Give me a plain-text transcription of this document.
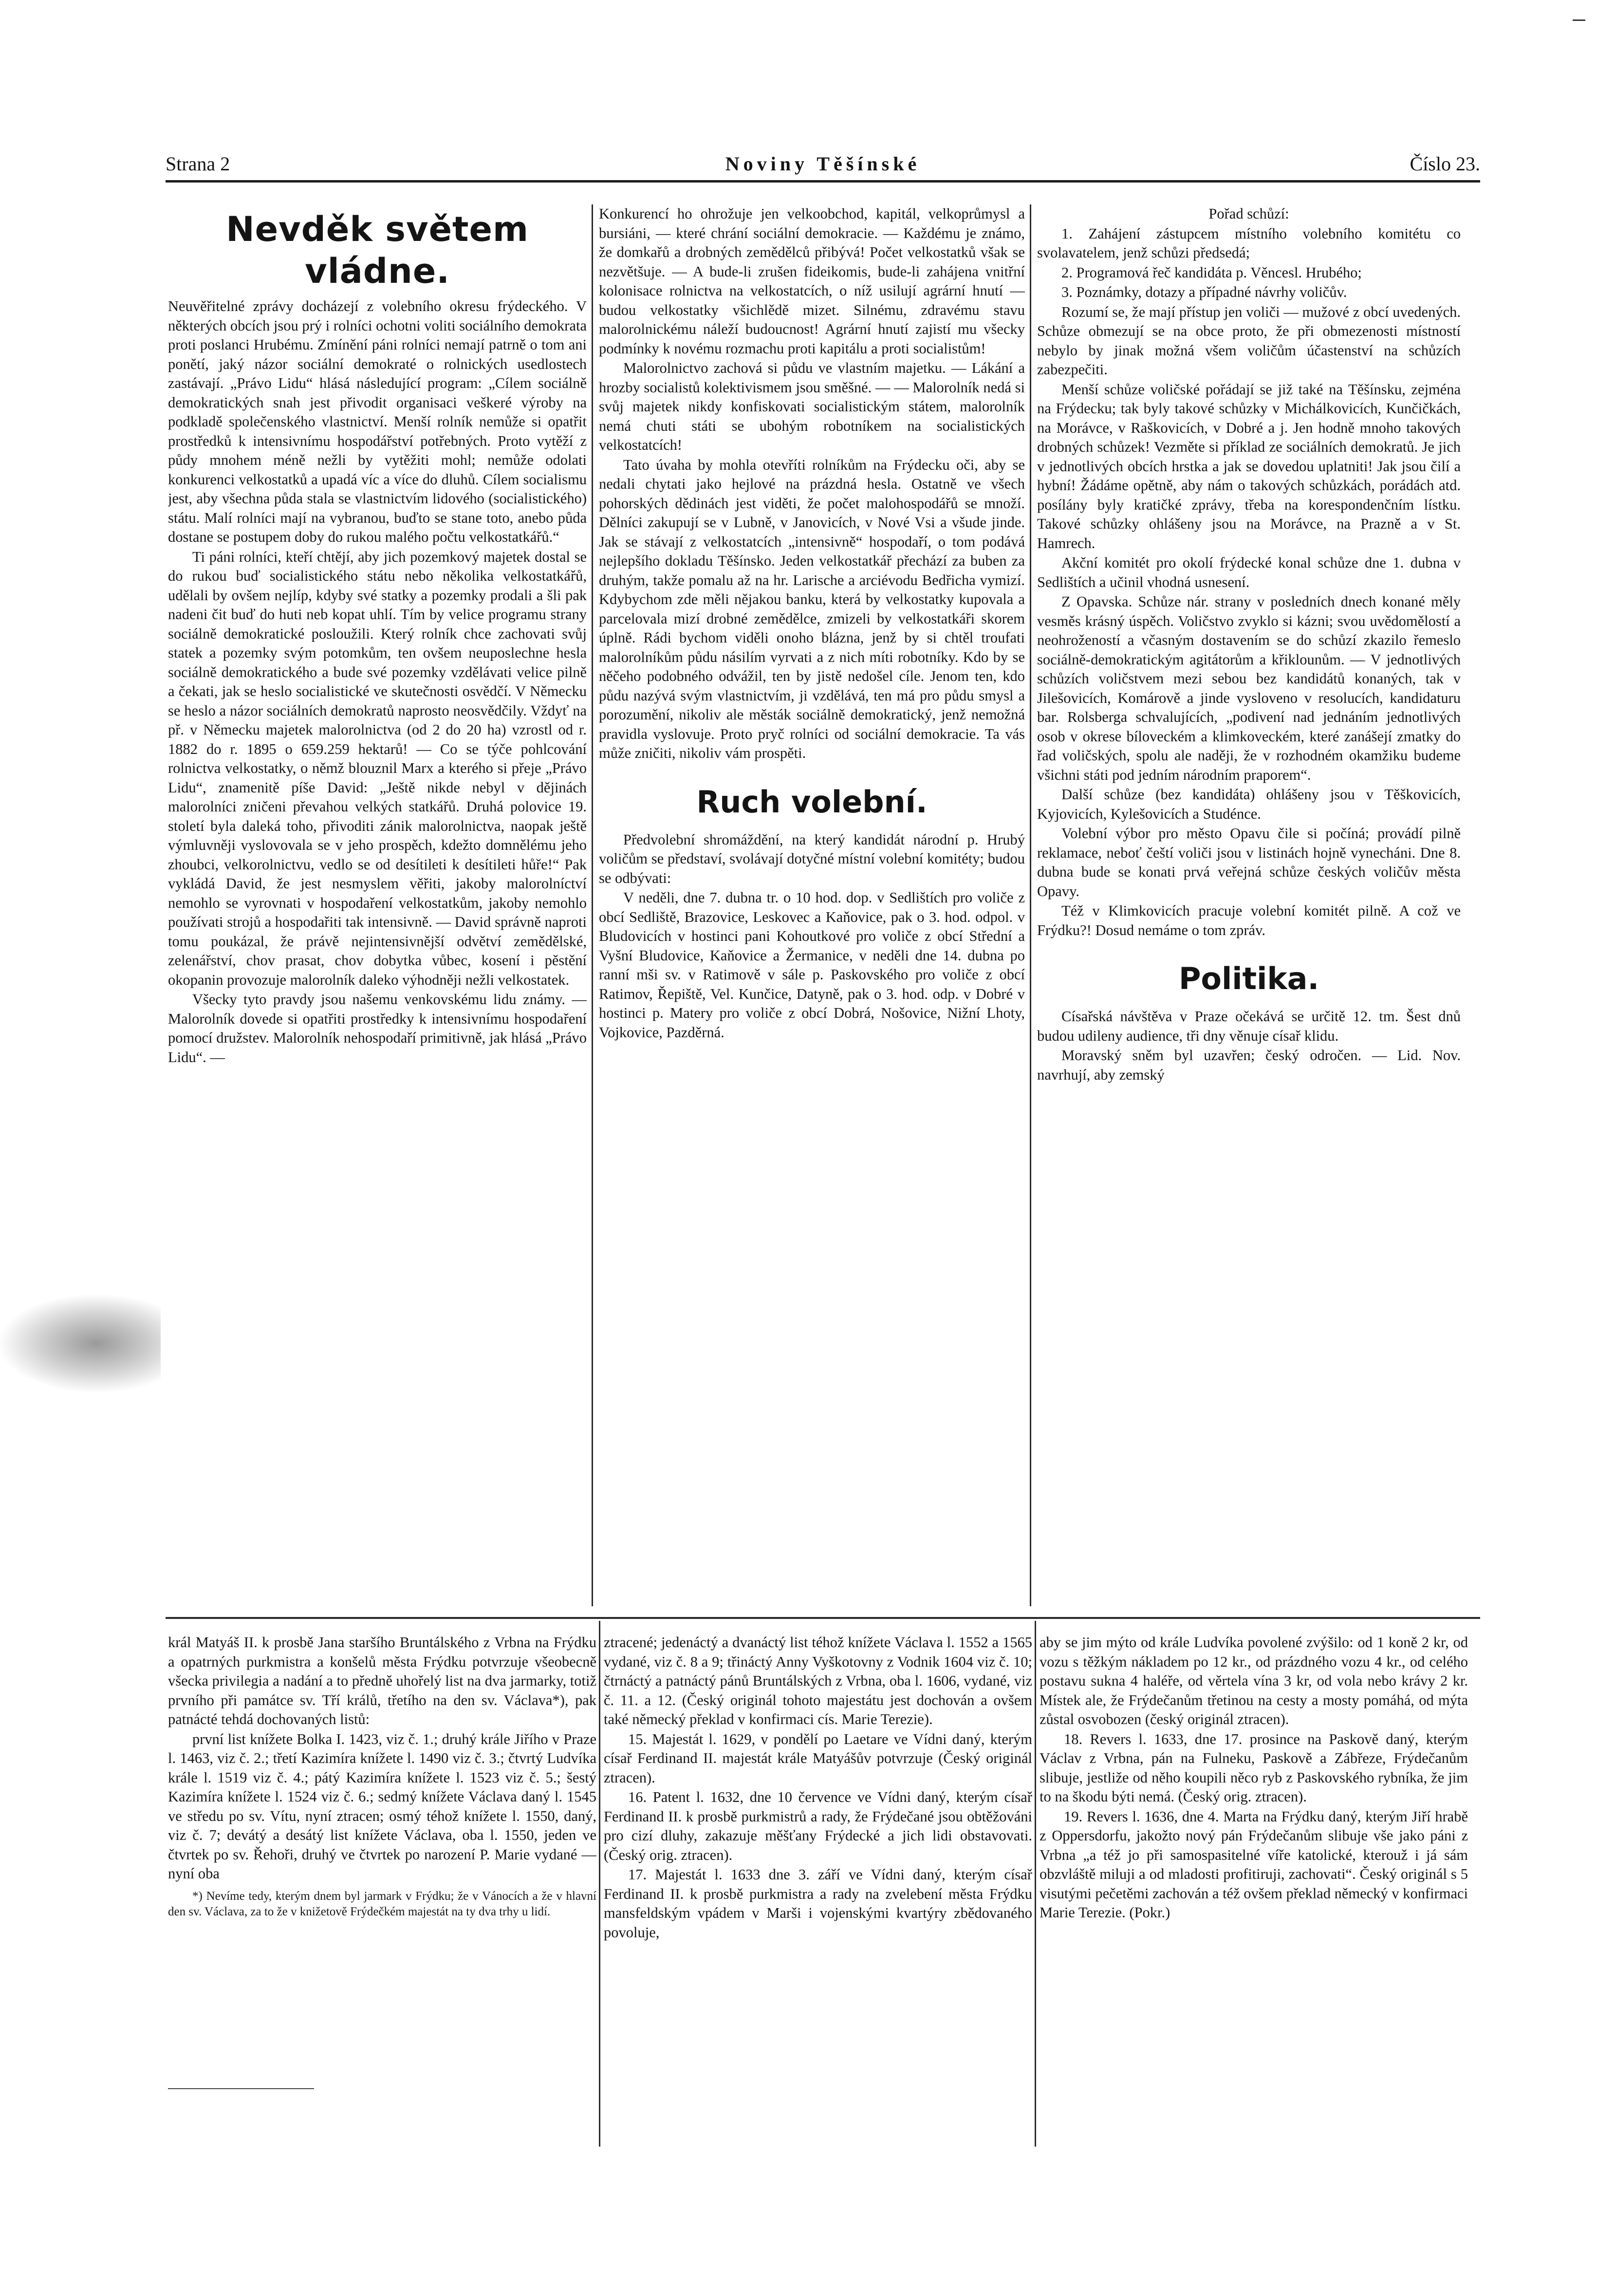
Strana 2	Noviny Těšínské	Číslo 23.

Nevděk světem vládne.

Neuvěřitelné zprávy docházejí z volebního okresu frýdeckého. V některých obcích jsou prý i rolníci ochotni voliti sociálního demokrata proti poslanci Hrubému. Zmínění páni rolníci nemají patrně o tom ani ponětí, jaký názor sociální demokraté o rolnických usedlostech zastávají. „Právo Lidu“ hlásá následující program: „Cílem sociálně demokratických snah jest přivodit organisaci veškeré výroby na podkladě společenského vlastnictví. Menší rolník nemůže si opatřit prostředků k intensivnímu hospodářství potřebných. Proto vytěží z půdy mnohem méně nežli by vytěžiti mohl; nemůže odolati konkurenci velkostatků a upadá víc a více do dluhů. Cílem socialismu jest, aby všechna půda stala se vlastnictvím lidového (socialistického) státu. Malí rolníci mají na vybranou, buďto se stane toto, anebo půda dostane se postupem doby do rukou malého počtu velkostatkářů.“

Ti páni rolníci, kteří chtějí, aby jich pozemkový majetek dostal se do rukou buď socialistického státu nebo několika velkostatkářů, udělali by ovšem nejlíp, kdyby své statky a pozemky prodali a šli pak nadeni čit buď do huti neb kopat uhlí. Tím by velice programu strany sociálně demokratické posloužili. Který rolník chce zachovati svůj statek a pozemky svým potomkům, ten ovšem neuposlechne hesla sociálně demokratického a bude své pozemky vzdělávati velice pilně a čekati, jak se heslo socialistické ve skutečnosti osvědčí. V Německu se heslo a názor sociálních demokratů naprosto neosvědčily. Vždyť na př. v Německu majetek malorolnictva (od 2 do 20 ha) vzrostl od r. 1882 do r. 1895 o 659.259 hektarů! — Co se týče pohlcování rolnictva velkostatky, o němž blouznil Marx a kterého si přeje „Právo Lidu“, znamenitě píše David: „Ještě nikde nebyl v dějinách malorolníci zničeni převahou velkých statkářů. Druhá polovice 19. století byla daleká toho, přivoditi zánik malorolnictva, naopak ještě výmluvněji vyslovovala se v jeho prospěch, kdežto domnělému jeho zhoubci, velkorolnictvu, vedlo se od desítileti k desítileti hůře!“ Pak vykládá David, že jest nesmyslem věřiti, jakoby malorolníctví nemohlo se vyrovnati v hospodaření velkostatkům, jakoby nemohlo používati strojů a hospodařiti tak intensivně. — David správně naproti tomu poukázal, že právě nejintensivnější odvětví zemědělské, zelenářství, chov prasat, chov dobytka vůbec, kosení i pěstění okopanin provozuje malorolník daleko výhodněji nežli velkostatek.

Všecky tyto pravdy jsou našemu venkovskému lidu známy. — Malorolník dovede si opatřiti prostředky k intensivnímu hospodaření pomocí družstev. Malorolník nehospodaří primitivně, jak hlásá „Právo Lidu“. —

Konkurencí ho ohrožuje jen velkoobchod, kapitál, velkoprůmysl a bursiáni, — které chrání sociální demokracie. — Každému je známo, že domkařů a drobných zemědělců přibývá! Počet velkostatků však se nezvětšuje. — A bude-li zrušen fideikomis, bude-li zahájena vnitřní kolonisace rolnictva na velkostatcích, o níž usilují agrární hnutí — budou velkostatky všichlědě mizet. Silnému, zdravému stavu malorolnickému náleží budoucnost! Agrární hnutí zajistí mu všecky podmínky k novému rozmachu proti kapitálu a proti socialistům!

Malorolnictvo zachová si půdu ve vlastním majetku. — Lákání a hrozby socialistů kolektivismem jsou směšné. — — Malorolník nedá si svůj majetek nikdy konfiskovati socialistickým státem, malorolník nemá chuti státi se ubohým robotníkem na socialistických velkostatcích!

Tato úvaha by mohla otevříti rolníkům na Frýdecku oči, aby se nedali chytati jako hejlové na prázdná hesla. Ostatně ve všech pohorských dědinách jest viděti, že počet malohospodářů se množí. Dělníci zakupují se v Lubně, v Janovicích, v Nové Vsi a všude jinde. Jak se stávají z velkostatcích „intensivně“ hospodaří, o tom podává nejlepšího dokladu Těšínsko. Jeden velkostatkář přechází za buben za druhým, takže pomalu až na hr. Larische a arciévodu Bedřicha vymizí. Kdybychom zde měli nějakou banku, která by velkostatky kupovala a parcelovala mizí drobné zemědělce, zmizeli by velkostatkáři skorem úplně. Rádi bychom viděli onoho blázna, jenž by si chtěl troufati malorolníkům půdu násilím vyrvati a z nich míti robotníky. Kdo by se něčeho podobného odvážil, ten by jistě nedošel cíle. Jenom ten, kdo půdu nazývá svým vlastnictvím, ji vzdělává, ten má pro půdu smysl a porozumění, nikoliv ale městák sociálně demokratický, jenž nemožná pravidla vyslovuje. Proto pryč rolníci od sociální demokracie. Ta vás může zničiti, nikoliv vám prospěti.

Ruch volební.

Předvolební shromáždění, na který kandidát národní p. Hrubý voličům se představí, svolávají dotyčné místní volební komitéty; budou se odbývati:

V neděli, dne 7. dubna tr. o 10 hod. dop. v Sedlištích pro voliče z obcí Sedliště, Brazovice, Leskovec a Kaňovice, pak o 3. hod. odpol. v Bludovicích v hostinci pani Kohoutkové pro voliče z obcí Střední a Vyšní Bludovice, Kaňovice a Žermanice, v neděli dne 14. dubna po ranní mši sv. v Ratimově v sále p. Paskovského pro voliče z obcí Ratimov, Řepiště, Vel. Kunčice, Datyně, pak o 3. hod. odp. v Dobré v hostinci p. Matery pro voliče z obcí Dobrá, Nošovice, Nižní Lhoty, Vojkovice, Pazděrná.

Pořad schůzí:

1. Zahájení zástupcem místního volebního komitétu co svolavatelem, jenž schůzi předsedá;

2. Programová řeč kandidáta p. Věncesl. Hrubého;

3. Poznámky, dotazy a případné návrhy voličův.

Rozumí se, že mají přístup jen voliči — mužové z obcí uvedených. Schůze obmezují se na obce proto, že při obmezenosti místností nebylo by jinak možná všem voličům účastenství na schůzích zabezpečiti.

Menší schůze voličské pořádají se již také na Těšínsku, zejména na Frýdecku; tak byly takové schůzky v Michálkovicích, Kunčičkách, na Morávce, v Raškovicích, v Dobré a j. Jen hodně mnoho takových drobných schůzek! Vezměte si příklad ze sociálních demokratů. Je jich v jednotlivých obcích hrstka a jak se dovedou uplatniti! Jak jsou čilí a hybní! Žádáme opětně, aby nám o takových schůzkách, porádách atd. posílány byly kratičké zprávy, třeba na korespondenčním lístku. Takové schůzky ohlášeny jsou na Morávce, na Prazně a v St. Hamrech.

Akční komitét pro okolí frýdecké konal schůze dne 1. dubna v Sedlištích a učinil vhodná usnesení.

Z Opavska. Schůze nár. strany v posledních dnech konané měly vesměs krásný úspěch. Voličstvo zvyklo si kázni; svou uvědomělostí a neohrožeností a včasným dostavením se do schůzí zkazilo řemeslo sociálně-demokratickým agitátorům a křiklounům. — V jednotlivých schůzích voličstvem mezi sebou bez kandidátů konaných, tak v Jilešovicích, Komárově a jinde vysloveno v resolucích, kandidaturu bar. Rolsberga schvalujících, „podivení nad jednáním jednotlivých osob v okrese bíloveckém a klimkoveckém, které zanášejí zmatky do řad voličských, spolu ale naději, že v rozhodném okamžiku budeme všichni státi pod jedním národním praporem“.

Další schůze (bez kandidáta) ohlášeny jsou v Těškovicích, Kyjovicích, Kylešovicích a Studénce.

Volební výbor pro město Opavu čile si počíná; provádí pilně reklamace, neboť čeští voliči jsou v listinách hojně vynecháni. Dne 8. dubna bude se konati prvá veřejná schůze českých voličův města Opavy.

Též v Klimkovicích pracuje volební komitét pilně. A což ve Frýdku?! Dosud nemáme o tom zpráv.

Politika.

Císařská návštěva v Praze očekává se určitě 12. tm. Šest dnů budou udileny audience, tři dny věnuje císař klidu.

Moravský sněm byl uzavřen; český odročen. — Lid. Nov. navrhují, aby zemský

král Matyáš II. k prosbě Jana staršího Bruntálského z Vrbna na Frýdku a opatrných purkmistra a konšelů města Frýdku potvrzuje všeobecně všecka privilegia a nadání a to předně uhořelý list na dva jarmarky, totiž prvního při památce sv. Tří králů, třetího na den sv. Václava*), pak patnácté tehdá dochovaných listů:

první list knížete Bolka I. 1423, viz č. 1.; druhý krále Jiřího v Praze l. 1463, viz č. 2.; třetí Kazimíra knížete l. 1490 viz č. 3.; čtvrtý Ludvíka krále l. 1519 viz č. 4.; pátý Kazimíra knížete l. 1523 viz č. 5.; šestý Kazimíra knížete l. 1524 viz č. 6.; sedmý knížete Václava daný l. 1545 ve středu po sv. Vítu, nyní ztracen; osmý téhož knížete l. 1550, daný, viz č. 7; devátý a desátý list knížete Václava, oba l. 1550, jeden ve čtvrtek po sv. Řehoři, druhý ve čtvrtek po narození P. Marie vydané — nyní oba

*) Nevíme tedy, kterým dnem byl jarmark v Frýdku; že v Vánocích a že v hlavní den sv. Václava, za to že v knižetově Frýdečkém majestát na ty dva trhy u lidí.

ztracené; jedenáctý a dvanáctý list téhož knížete Václava l. 1552 a 1565 vydané, viz č. 8 a 9; třináctý Anny Vyškotovny z Vodnik 1604 viz č. 10; čtrnáctý a patnáctý pánů Bruntálských z Vrbna, oba l. 1606, vydané, viz č. 11. a 12. (Český originál tohoto majestátu jest dochován a ovšem také německý překlad v konfirmaci cís. Marie Terezie).

15. Majestát l. 1629, v pondělí po Laetare ve Vídni daný, kterým císař Ferdinand II. majestát krále Matyášův potvrzuje (Český originál ztracen).

16. Patent l. 1632, dne 10 července ve Vídni daný, kterým císař Ferdinand II. k prosbě purkmistrů a rady, že Frýdečané jsou obtěžováni pro cizí dluhy, zakazuje měšťany Frýdecké a jich lidi obstavovati. (Český orig. ztracen).

17. Majestát l. 1633 dne 3. září ve Vídni daný, kterým císař Ferdinand II. k prosbě purkmistra a rady na zvelebení města Frýdku mansfeldským vpádem v Marši i vojenskými kvartýry zbědovaného povoluje,

aby se jim mýto od krále Ludvíka povolené zvýšilo: od 1 koně 2 kr, od vozu s těžkým nákladem po 12 kr., od prázdného vozu 4 kr., od celého postavu sukna 4 haléře, od věrtela vína 3 kr, od vola nebo krávy 2 kr. Místek ale, že Frýdečanům třetinou na cesty a mosty pomáhá, od mýta zůstal osvobozen (český originál ztracen).

18. Revers l. 1633, dne 17. prosince na Paskově daný, kterým Václav z Vrbna, pán na Fulneku, Paskově a Zábřeze, Frýdečanům slibuje, jestliže od něho koupili něco ryb z Paskovského rybníka, že jim to na škodu býti nemá. (Český orig. ztracen).

19. Revers l. 1636, dne 4. Marta na Frýdku daný, kterým Jiří hrabě z Oppersdorfu, jakožto nový pán Frýdečanům slibuje vše jako páni z Vrbna „a též jo při samospasitelné víře katolické, kterouž i já sám obzvláště miluji a od mladosti profitiruji, zachovati“. Český originál s 5 visutými pečetěmi zachován a též ovšem překlad německý v konfirmaci Marie Terezie. (Pokr.)
